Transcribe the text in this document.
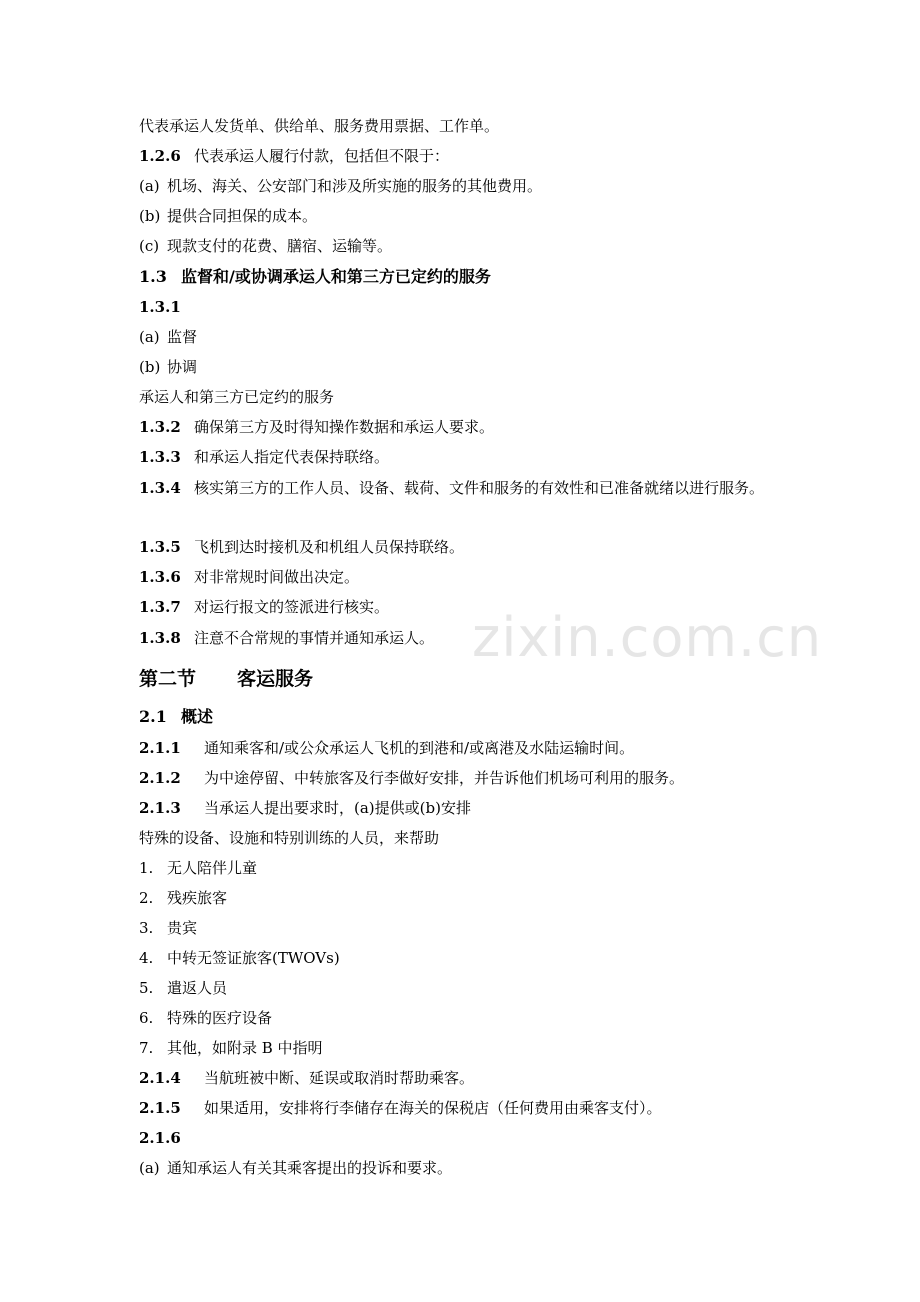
代表承运人发货单、供给单、服务费用票据、工作单。
1.2.6 代表承运人履行付款，包括但不限于：
(a) 机场、海关、公安部门和涉及所实施的服务的其他费用。
(b) 提供合同担保的成本。
(c) 现款支付的花费、膳宿、运输等。
1.3 监督和/或协调承运人和第三方已定约的服务
1.3.1
(a) 监督
(b) 协调
承运人和第三方已定约的服务
1.3.2 确保第三方及时得知操作数据和承运人要求。
1.3.3 和承运人指定代表保持联络。
1.3.4 核实第三方的工作人员、设备、载荷、文件和服务的有效性和已准备就绪以进行服务。
1.3.5 飞机到达时接机及和机组人员保持联络。
1.3.6 对非常规时间做出决定。
1.3.7 对运行报文的签派进行核实。
1.3.8 注意不合常规的事情并通知承运人。
第二节 客运服务
2.1 概述
2.1.1 通知乘客和/或公众承运人飞机的到港和/或离港及水陆运输时间。
2.1.2 为中途停留、中转旅客及行李做好安排，并告诉他们机场可利用的服务。
2.1.3 当承运人提出要求时，(a)提供或(b)安排
特殊的设备、设施和特别训练的人员，来帮助
1. 无人陪伴儿童
2. 残疾旅客
3. 贵宾
4. 中转无签证旅客(TWOVs)
5. 遣返人员
6. 特殊的医疗设备
7. 其他，如附录 B 中指明
2.1.4 当航班被中断、延误或取消时帮助乘客。
2.1.5 如果适用，安排将行李储存在海关的保税店（任何费用由乘客支付）。
2.1.6
(a) 通知承运人有关其乘客提出的投诉和要求。
zixin.com.cn
